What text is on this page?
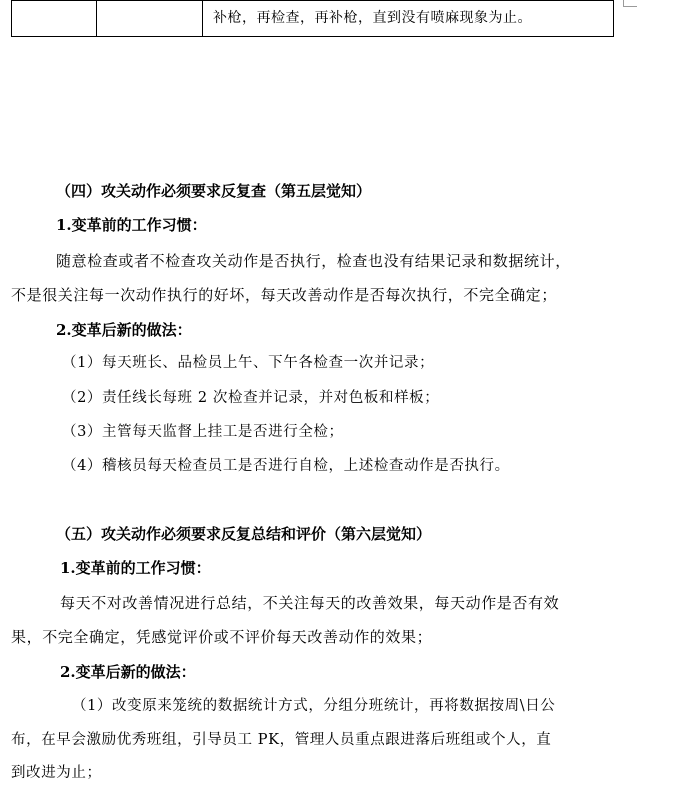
		补枪，再检查，再补枪，直到没有喷麻现象为止。
（四）攻关动作必须要求反复查（第五层觉知）
1.变革前的工作习惯：
随意检查或者不检查攻关动作是否执行，检查也没有结果记录和数据统计，
不是很关注每一次动作执行的好坏，每天改善动作是否每次执行，不完全确定；
2.变革后新的做法：
（1）每天班长、品检员上午、下午各检查一次并记录；
（2）责任线长每班 2 次检查并记录，并对色板和样板；
（3）主管每天监督上挂工是否进行全检；
（4）稽核员每天检查员工是否进行自检，上述检查动作是否执行。
（五）攻关动作必须要求反复总结和评价（第六层觉知）
1.变革前的工作习惯：
每天不对改善情况进行总结，不关注每天的改善效果，每天动作是否有效
果，不完全确定，凭感觉评价或不评价每天改善动作的效果；
2.变革后新的做法：
（1）改变原来笼统的数据统计方式，分组分班统计，再将数据按周\日公
布，在早会激励优秀班组，引导员工 PK，管理人员重点跟进落后班组或个人，直
到改进为止；
